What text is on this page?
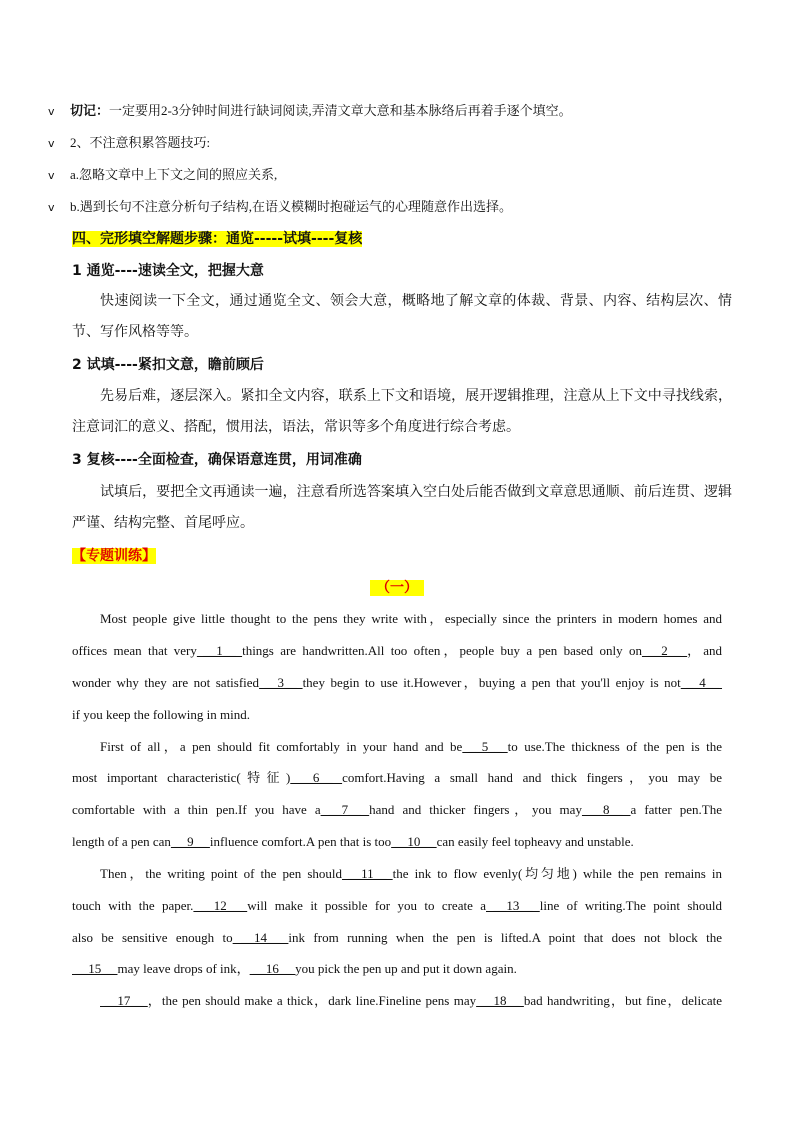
v 切记：一定要用2-3分钟时间进行缺词阅读,弄清文章大意和基本脉络后再着手逐个填空。
v 2、不注意积累答题技巧:
v a.忽略文章中上下文之间的照应关系,
v b.遇到长句不注意分析句子结构,在语义模糊时抱碰运气的心理随意作出选择。
四、完形填空解题步骤：通览-----试填----复核
1 通览----速读全文，把握大意
快速阅读一下全文，通过通览全文、领会大意，概略地了解文章的体裁、背景、内容、结构层次、情节、写作风格等等。
2 试填----紧扣文意，瞻前顾后
先易后难，逐层深入。紧扣全文内容，联系上下文和语境，展开逻辑推理，注意从上下文中寻找线索，注意词汇的意义、搭配，惯用法，语法，常识等多个角度进行综合考虑。
3 复核----全面检查，确保语意连贯，用词准确
试填后，要把全文再通读一遍，注意看所选答案填入空白处后能否做到文章意思通顺、前后连贯、逻辑严谨、结构完整、首尾呼应。
【专题训练】
（一）
Most people give little thought to the pens they write with，especially since the printers in modern homes and
offices mean that very __1__ things are handwritten.All too often，people buy a pen based only on __2__ ，and
wonder why they are not satisfied __3__ they begin to use it.However，buying a pen that you'll enjoy is not __4__
if you keep the following in mind.
First of all，a pen should fit comfortably in your hand and be __5__ to use.The thickness of the pen is the
most important characteristic(特征) __6__ comfort.Having a small hand and thick fingers，you may be
comfortable with a thin pen.If you have a __7__ hand and thicker fingers，you may __8__ a fatter pen.The
length of a pen can __9__ influence comfort.A pen that is too __10__ can easily feel topheavy and unstable.
Then，the writing point of the pen should __11__ the ink to flow evenly(均匀地) while the pen remains in
touch with the paper. __12__ will make it possible for you to create a __13__ line of writing.The point should
also be sensitive enough to __14__ ink from running when the pen is lifted.A point that does not block the
__15__ may leave drops of ink， __16__ you pick the pen up and put it down again.
__17__ ，the pen should make a thick，dark line.Fineline pens may __18__ bad handwriting，but fine，delicate
